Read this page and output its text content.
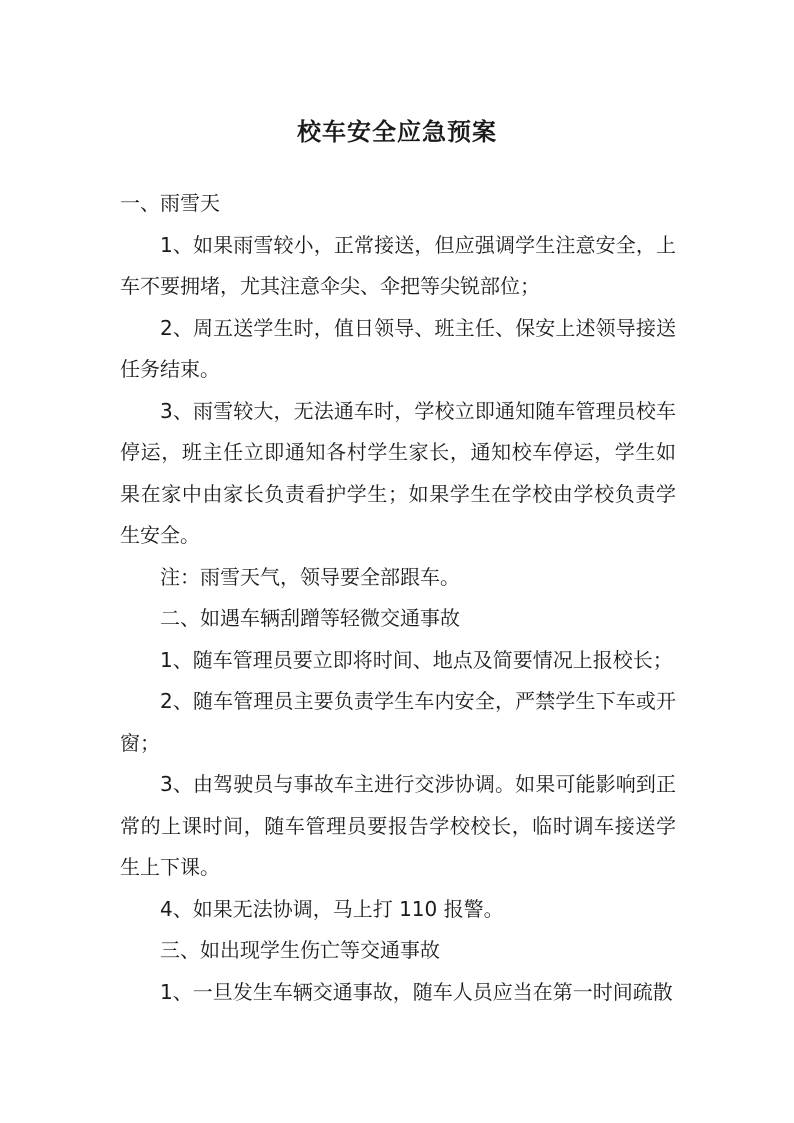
校车安全应急预案

一、雨雪天

1、如果雨雪较小，正常接送，但应强调学生注意安全，上车不要拥堵，尤其注意伞尖、伞把等尖锐部位；

2、周五送学生时，值日领导、班主任、保安上述领导接送任务结束。

3、雨雪较大，无法通车时，学校立即通知随车管理员校车停运，班主任立即通知各村学生家长，通知校车停运，学生如果在家中由家长负责看护学生；如果学生在学校由学校负责学生安全。

注：雨雪天气，领导要全部跟车。

二、如遇车辆刮蹭等轻微交通事故

1、随车管理员要立即将时间、地点及简要情况上报校长；

2、随车管理员主要负责学生车内安全，严禁学生下车或开窗；

3、由驾驶员与事故车主进行交涉协调。如果可能影响到正常的上课时间，随车管理员要报告学校校长，临时调车接送学生上下课。

4、如果无法协调，马上打 110 报警。

三、如出现学生伤亡等交通事故

1、一旦发生车辆交通事故，随车人员应当在第一时间疏散
